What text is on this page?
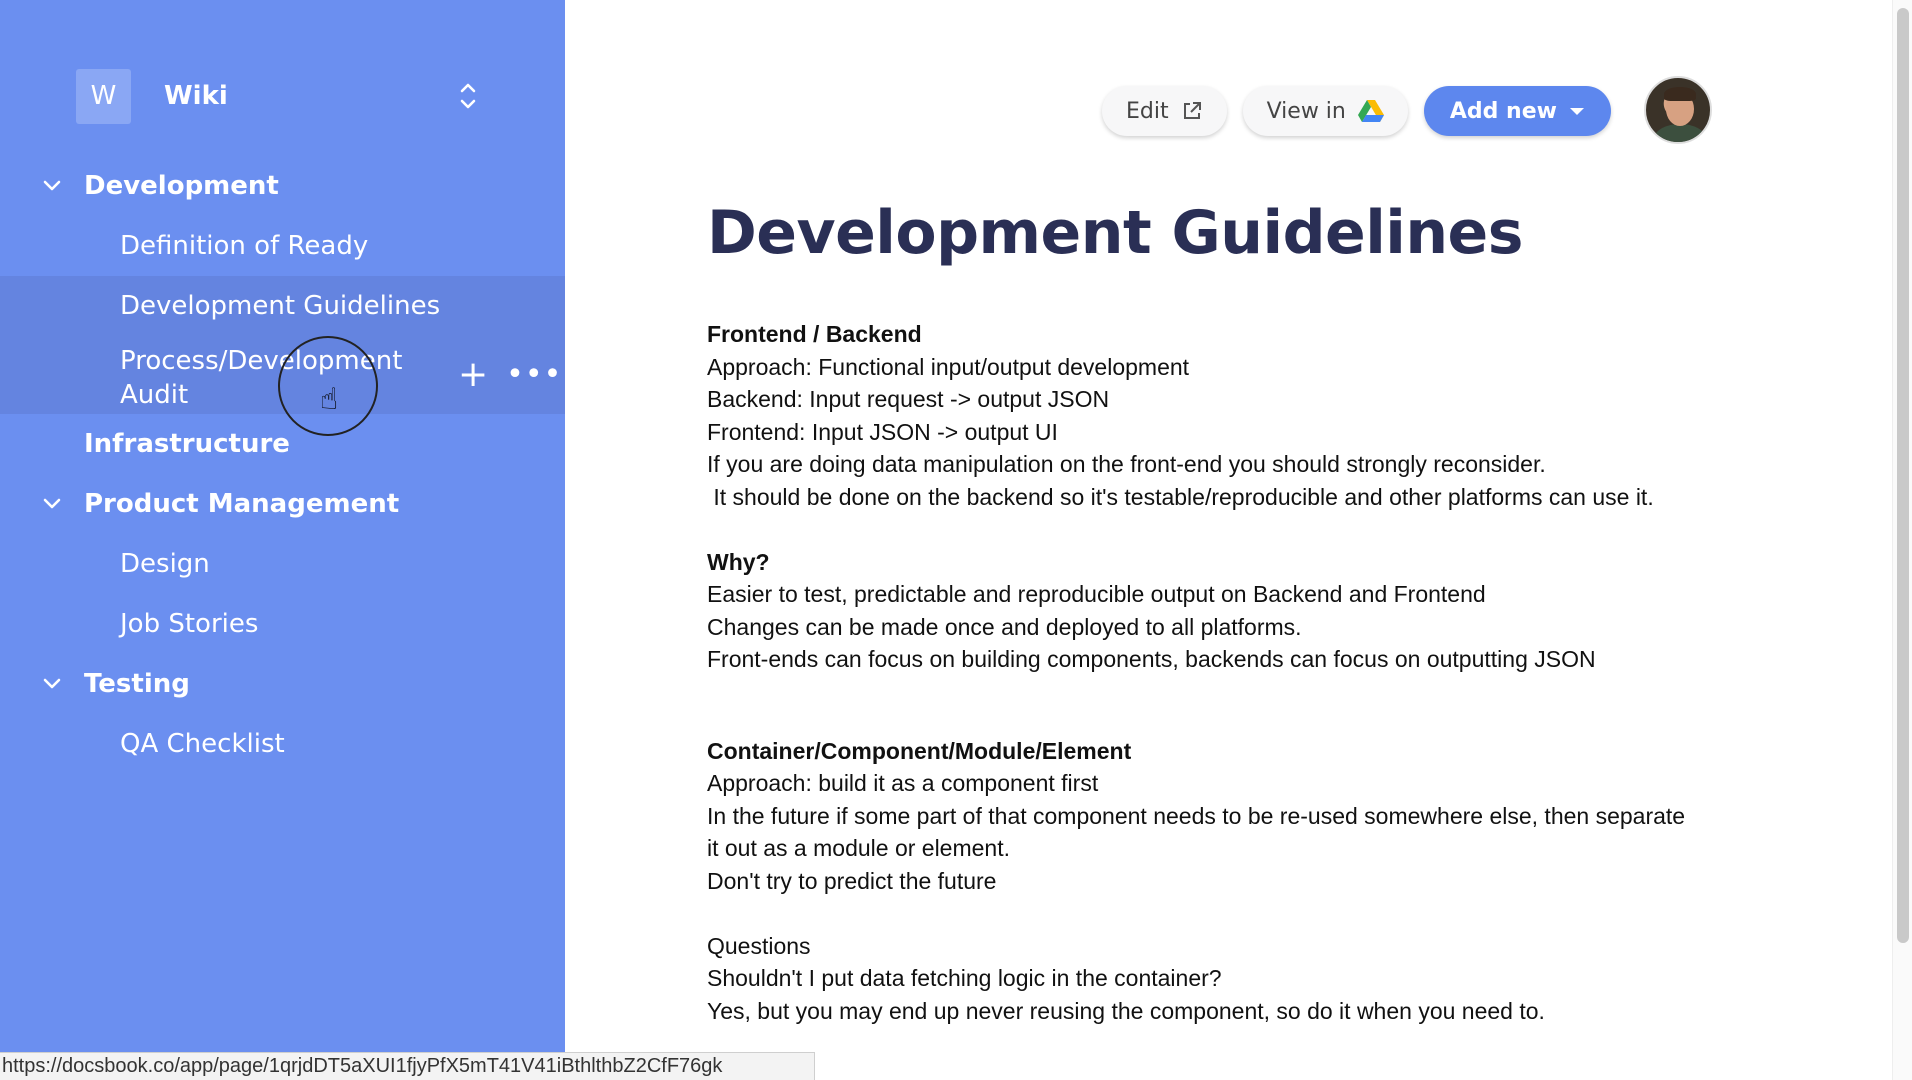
W	Wiki
Development
Definition of Ready
Development Guidelines
Process/Development
Audit	+ •••
Infrastructure
Product Management
Design
Job Stories
Testing
QA Checklist
☝
Edit	View in	Add new
Development Guidelines

Frontend / Backend

Approach: Functional input/output development

Backend: Input request -> output JSON

Frontend: Input JSON -> output UI

If you are doing data manipulation on the front-end you should strongly reconsider.

It should be done on the backend so it's testable/reproducible and other platforms can use it.

Why?

Easier to test, predictable and reproducible output on Backend and Frontend

Changes can be made once and deployed to all platforms.

Front-ends can focus on building components, backends can focus on outputting JSON

Container/Component/Module/Element

Approach: build it as a component first

In the future if some part of that component needs to be re-used somewhere else, then separate

it out as a module or element.

Don't try to predict the future

Questions

Shouldn't I put data fetching logic in the container?

Yes, but you may end up never reusing the component, so do it when you need to.

https://docsbook.co/app/page/1qrjdDT5aXUI1fjyPfX5mT41V41iBthlthbZ2CfF76gk
